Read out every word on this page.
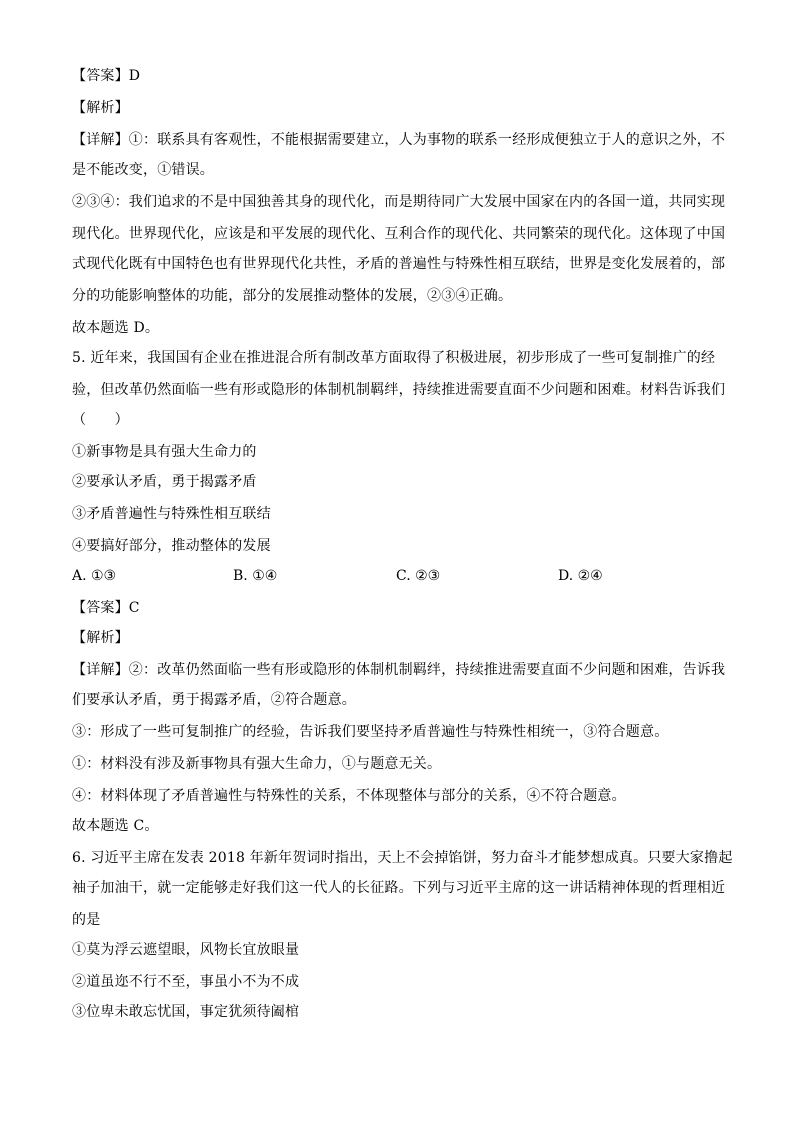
【答案】D
【解析】
【详解】①：联系具有客观性，不能根据需要建立，人为事物的联系一经形成便独立于人的意识之外，不
是不能改变，①错误。
②③④：我们追求的不是中国独善其身的现代化，而是期待同广大发展中国家在内的各国一道，共同实现
现代化。世界现代化，应该是和平发展的现代化、互利合作的现代化、共同繁荣的现代化。这体现了中国
式现代化既有中国特色也有世界现代化共性，矛盾的普遍性与特殊性相互联结，世界是变化发展着的，部
分的功能影响整体的功能，部分的发展推动整体的发展，②③④正确。
故本题选 D。
5. 近年来，我国国有企业在推进混合所有制改革方面取得了积极进展，初步形成了一些可复制推广的经
验，但改革仍然面临一些有形或隐形的体制机制羁绊，持续推进需要直面不少问题和困难。材料告诉我们
（　　）
①新事物是具有强大生命力的
②要承认矛盾，勇于揭露矛盾
③矛盾普遍性与特殊性相互联结
④要搞好部分，推动整体的发展
A. ①③	B. ①④	C. ②③	D. ②④
【答案】C
【解析】
【详解】②：改革仍然面临一些有形或隐形的体制机制羁绊，持续推进需要直面不少问题和困难，告诉我
们要承认矛盾，勇于揭露矛盾，②符合题意。
③：形成了一些可复制推广的经验，告诉我们要坚持矛盾普遍性与特殊性相统一，③符合题意。
①：材料没有涉及新事物具有强大生命力，①与题意无关。
④：材料体现了矛盾普遍性与特殊性的关系，不体现整体与部分的关系，④不符合题意。
故本题选 C。
6. 习近平主席在发表 2018 年新年贺词时指出，天上不会掉馅饼，努力奋斗才能梦想成真。只要大家撸起
袖子加油干，就一定能够走好我们这一代人的长征路。下列与习近平主席的这一讲话精神体现的哲理相近
的是
①莫为浮云遮望眼，风物长宜放眼量
②道虽迩不行不至，事虽小不为不成
③位卑未敢忘忧国，事定犹须待阖棺
